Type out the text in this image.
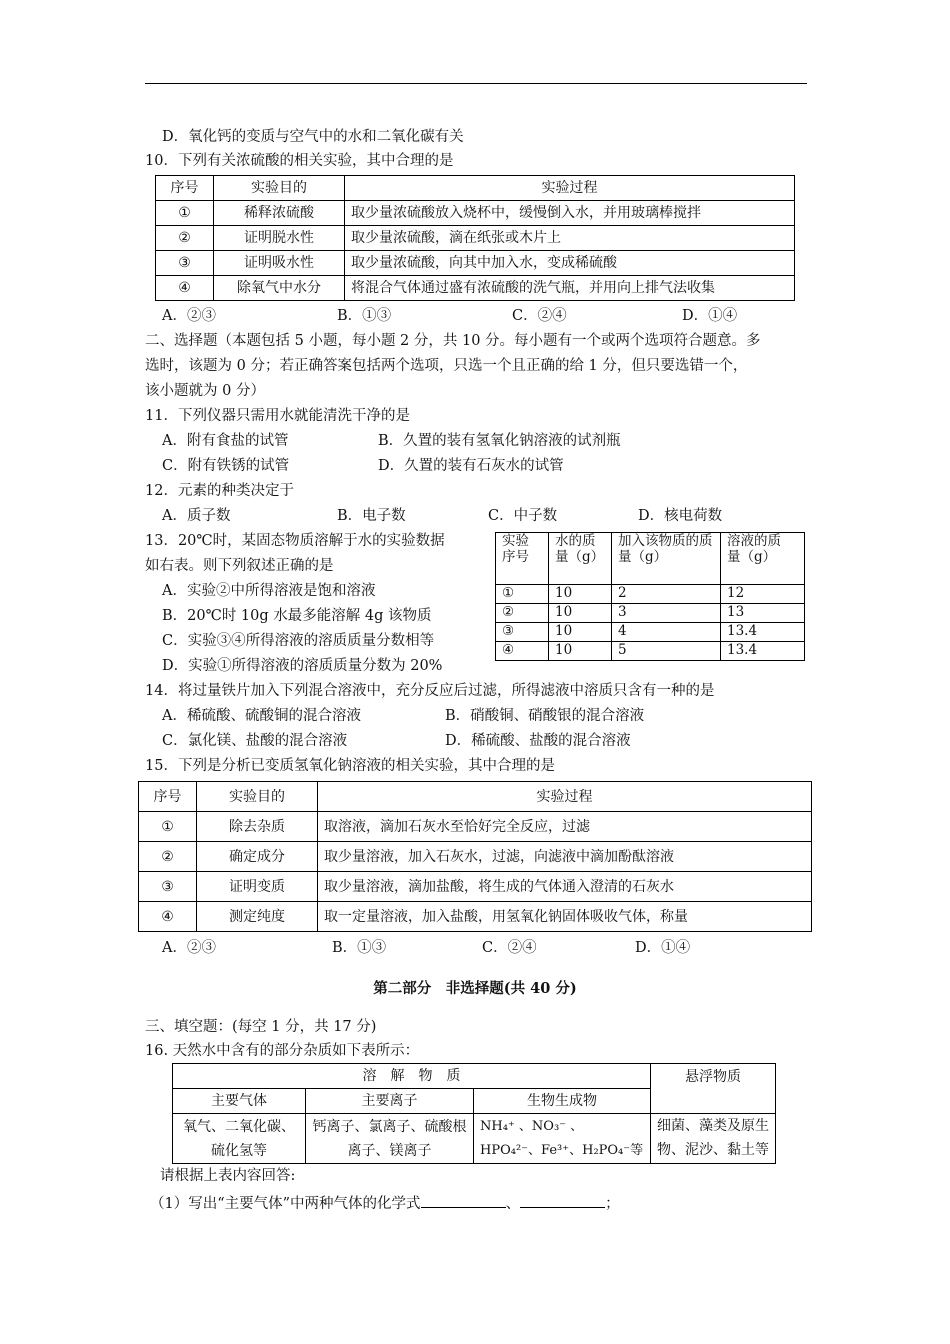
D．氧化钙的变质与空气中的水和二氧化碳有关
10．下列有关浓硫酸的相关实验，其中合理的是
序号	实验目的	实验过程
①	稀释浓硫酸	取少量浓硫酸放入烧杯中，缓慢倒入水，并用玻璃棒搅拌
②	证明脱水性	取少量浓硫酸，滴在纸张或木片上
③	证明吸水性	取少量浓硫酸，向其中加入水，变成稀硫酸
④	除氧气中水分	将混合气体通过盛有浓硫酸的洗气瓶，并用向上排气法收集
A．②③	B．①③	C．②④	D．①④
二、选择题（本题包括 5 小题，每小题 2 分，共 10 分。每小题有一个或两个选项符合题意。多
选时，该题为 0 分；若正确答案包括两个选项，只选一个且正确的给 1 分，但只要选错一个，
该小题就为 0 分）
11．下列仪器只需用水就能清洗干净的是
A．附有食盐的试管	B．久置的装有氢氧化钠溶液的试剂瓶
C．附有铁锈的试管	D．久置的装有石灰水的试管
12．元素的种类决定于
A．质子数	B．电子数	C．中子数	D．核电荷数
13．20℃时，某固态物质溶解于水的实验数据
如右表。则下列叙述正确的是
A．实验②中所得溶液是饱和溶液
B．20℃时 10g 水最多能溶解 4g 该物质
C．实验③④所得溶液的溶质质量分数相等
D．实验①所得溶液的溶质质量分数为 20%
实验序号	水的质量（g）	加入该物质的质量（g）	溶液的质　量（g）
①	10	2	12
②	10	3	13
③	10	4	13.4
④	10	5	13.4
14．将过量铁片加入下列混合溶液中，充分反应后过滤，所得滤液中溶质只含有一种的是
A．稀硫酸、硫酸铜的混合溶液	B．硝酸铜、硝酸银的混合溶液
C．氯化镁、盐酸的混合溶液	D．稀硫酸、盐酸的混合溶液
15．下列是分析已变质氢氧化钠溶液的相关实验，其中合理的是
序号	实验目的	实验过程
①	除去杂质	取溶液，滴加石灰水至恰好完全反应，过滤
②	确定成分	取少量溶液，加入石灰水，过滤，向滤液中滴加酚酞溶液
③	证明变质	取少量溶液，滴加盐酸，将生成的气体通入澄清的石灰水
④	测定纯度	取一定量溶液，加入盐酸，用氢氧化钠固体吸收气体，称量
A．②③	B．①③	C．②④	D．①④
第二部分　非选择题(共 40 分)
三、填空题：(每空 1 分，共 17 分)
16. 天然水中含有的部分杂质如下表所示：
溶　解　物　质			悬浮物质
主要气体	主要离子	生物生成物	
氧气、二氧化碳、硫化氢等	钙离子、氯离子、硫酸根离子、镁离子	NH₄⁺ 、NO₃⁻ 、HPO₄²⁻、Fe³⁺、H₂PO₄⁻等	细菌、藻类及原生物、泥沙、黏土等
请根据上表内容回答:
（1）写出“主要气体”中两种气体的化学式	、	；
